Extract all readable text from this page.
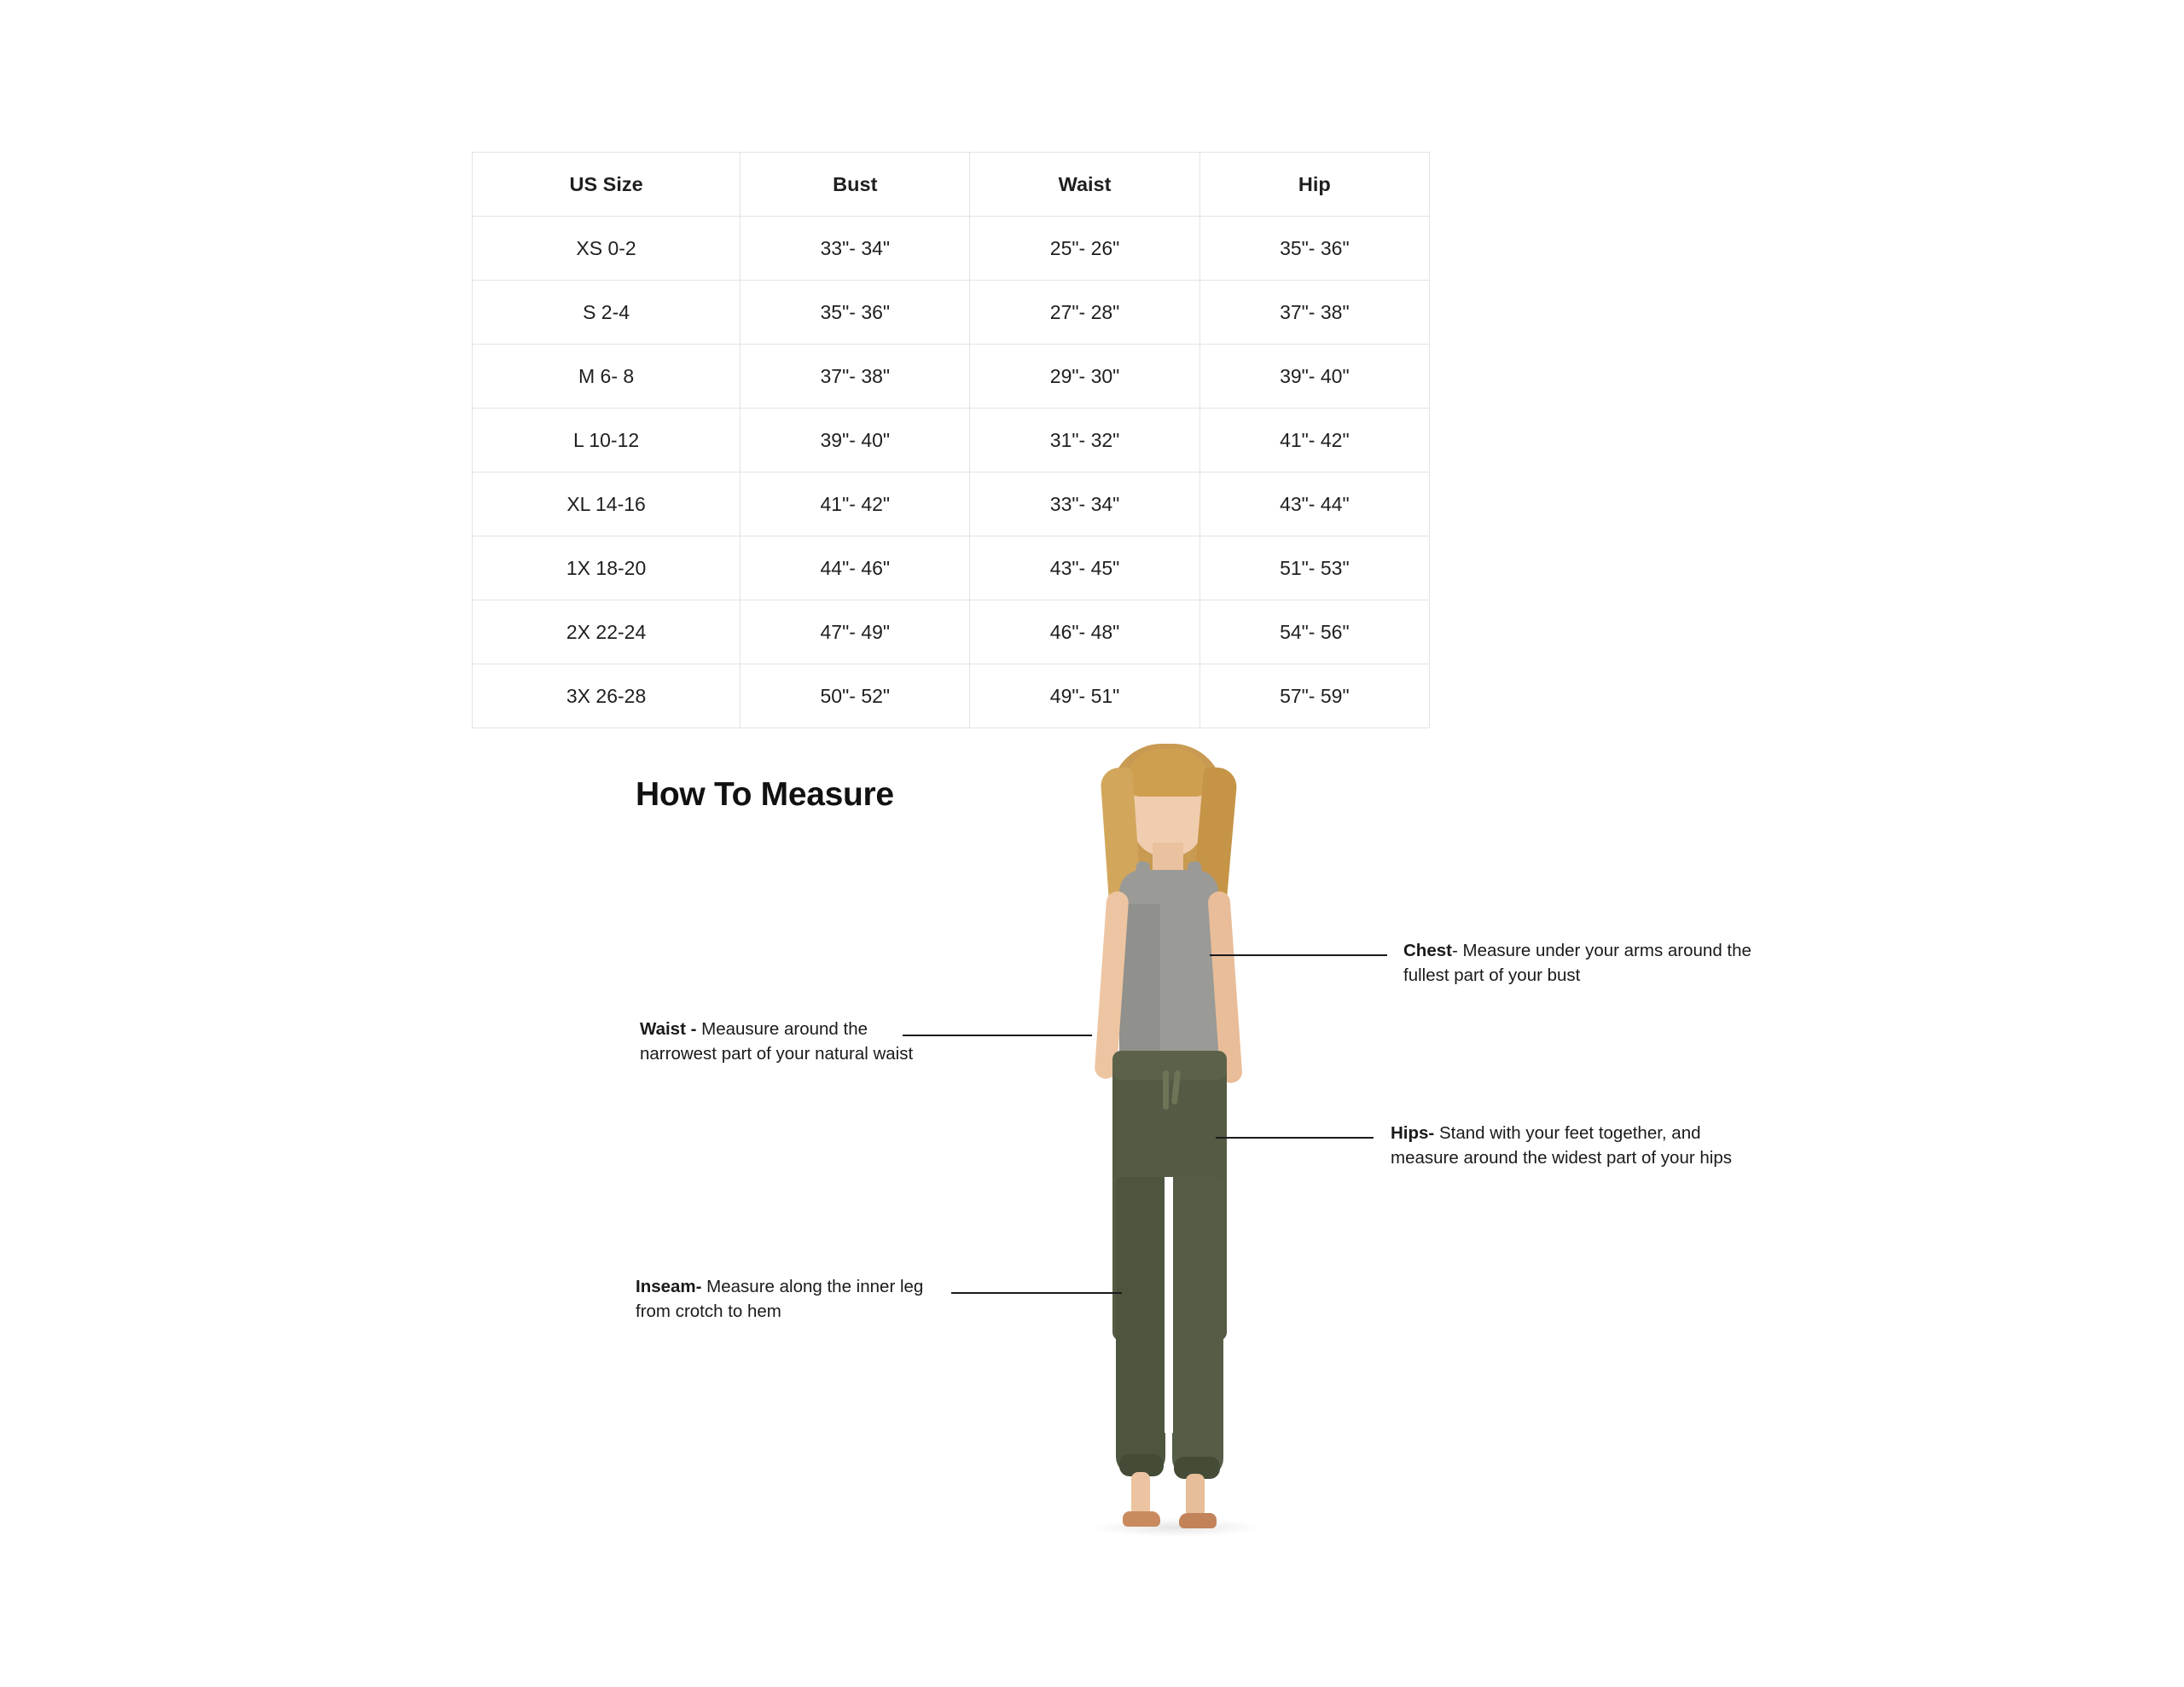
US Size	Bust	Waist	Hip
XS 0-2	33"- 34"	25"- 26"	35"- 36"
S 2-4	35"- 36"	27"- 28"	37"- 38"
M 6- 8	37"- 38"	29"- 30"	39"- 40"
L 10-12	39"- 40"	31"- 32"	41"- 42"
XL 14-16	41"- 42"	33"- 34"	43"- 44"
1X 18-20	44"- 46"	43"- 45"	51"- 53"
2X 22-24	47"- 49"	46"- 48"	54"- 56"
3X 26-28	50"- 52"	49"- 51"	57"- 59"
How To Measure
Chest- Measure under your arms around the fullest part of your bust
Waist - Meausure around the narrowest part of your natural waist
Hips- Stand with your feet together, and measure around the widest part of your hips
Inseam- Measure along the inner leg from crotch to hem
